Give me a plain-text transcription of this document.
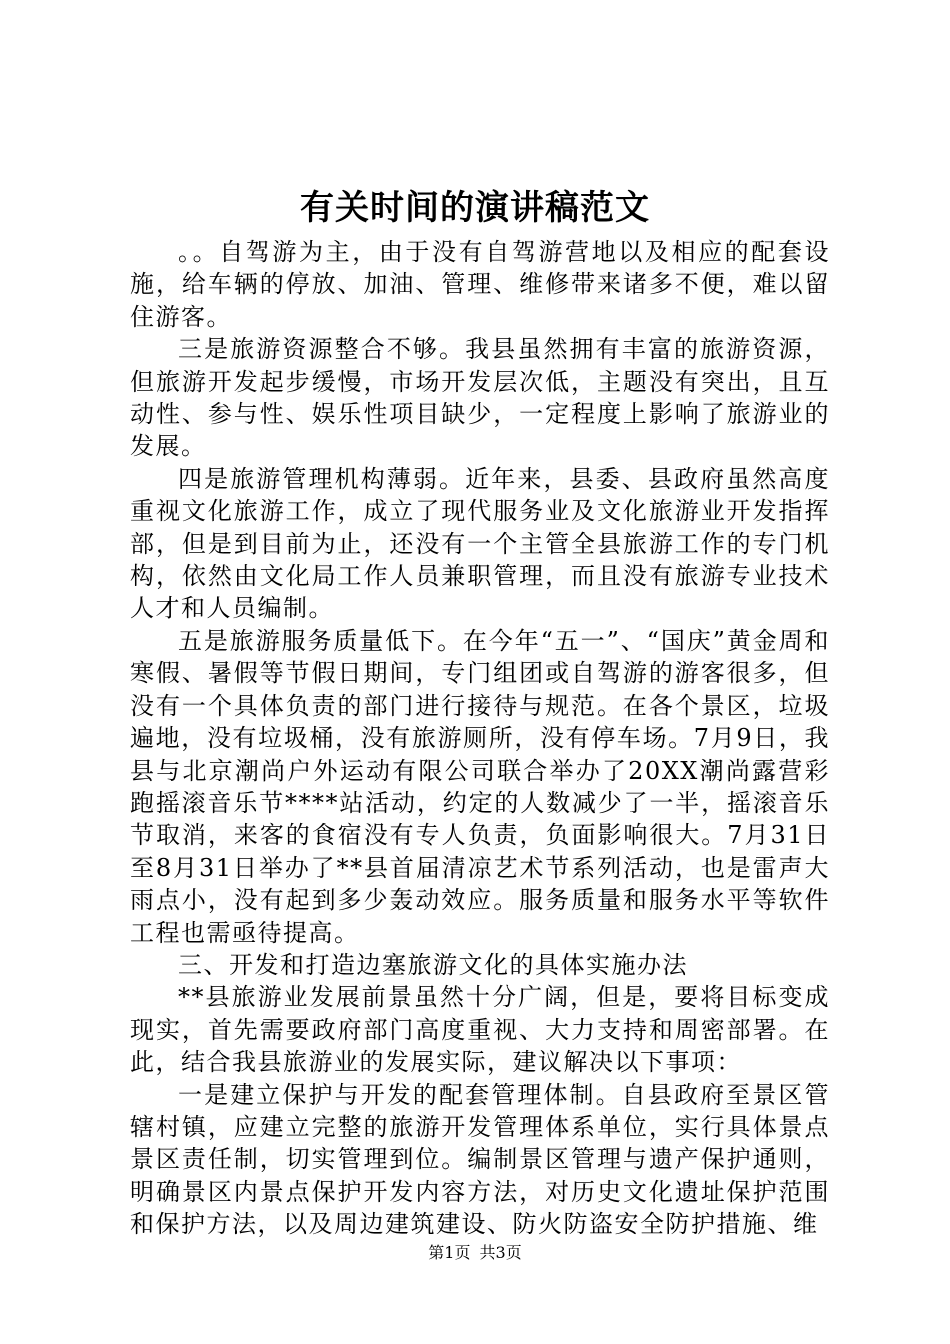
有关时间的演讲稿范文

。。自驾游为主，由于没有自驾游营地以及相应的配套设施，给车辆的停放、加油、管理、维修带来诸多不便，难以留住游客。

三是旅游资源整合不够。我县虽然拥有丰富的旅游资源，但旅游开发起步缓慢，市场开发层次低，主题没有突出，且互动性、参与性、娱乐性项目缺少，一定程度上影响了旅游业的发展。

四是旅游管理机构薄弱。近年来，县委、县政府虽然高度重视文化旅游工作，成立了现代服务业及文化旅游业开发指挥部，但是到目前为止，还没有一个主管全县旅游工作的专门机构，依然由文化局工作人员兼职管理，而且没有旅游专业技术人才和人员编制。

五是旅游服务质量低下。在今年“五一”、“国庆”黄金周和寒假、暑假等节假日期间，专门组团或自驾游的游客很多，但没有一个具体负责的部门进行接待与规范。在各个景区，垃圾遍地，没有垃圾桶，没有旅游厕所，没有停车场。7月9日，我县与北京潮尚户外运动有限公司联合举办了20XX潮尚露营彩跑摇滚音乐节****站活动，约定的人数减少了一半，摇滚音乐节取消，来客的食宿没有专人负责，负面影响很大。7月31日至8月31日举办了**县首届清凉艺术节系列活动，也是雷声大雨点小，没有起到多少轰动效应。服务质量和服务水平等软件工程也需亟待提高。

三、开发和打造边塞旅游文化的具体实施办法

**县旅游业发展前景虽然十分广阔，但是，要将目标变成现实，首先需要政府部门高度重视、大力支持和周密部署。在此，结合我县旅游业的发展实际，建议解决以下事项：

一是建立保护与开发的配套管理体制。自县政府至景区管辖村镇，应建立完整的旅游开发管理体系单位，实行具体景点景区责任制，切实管理到位。编制景区管理与遗产保护通则，明确景区内景点保护开发内容方法，对历史文化遗址保护范围和保护方法，以及周边建筑建设、防火防盗安全防护措施、维

第1页 共3页
